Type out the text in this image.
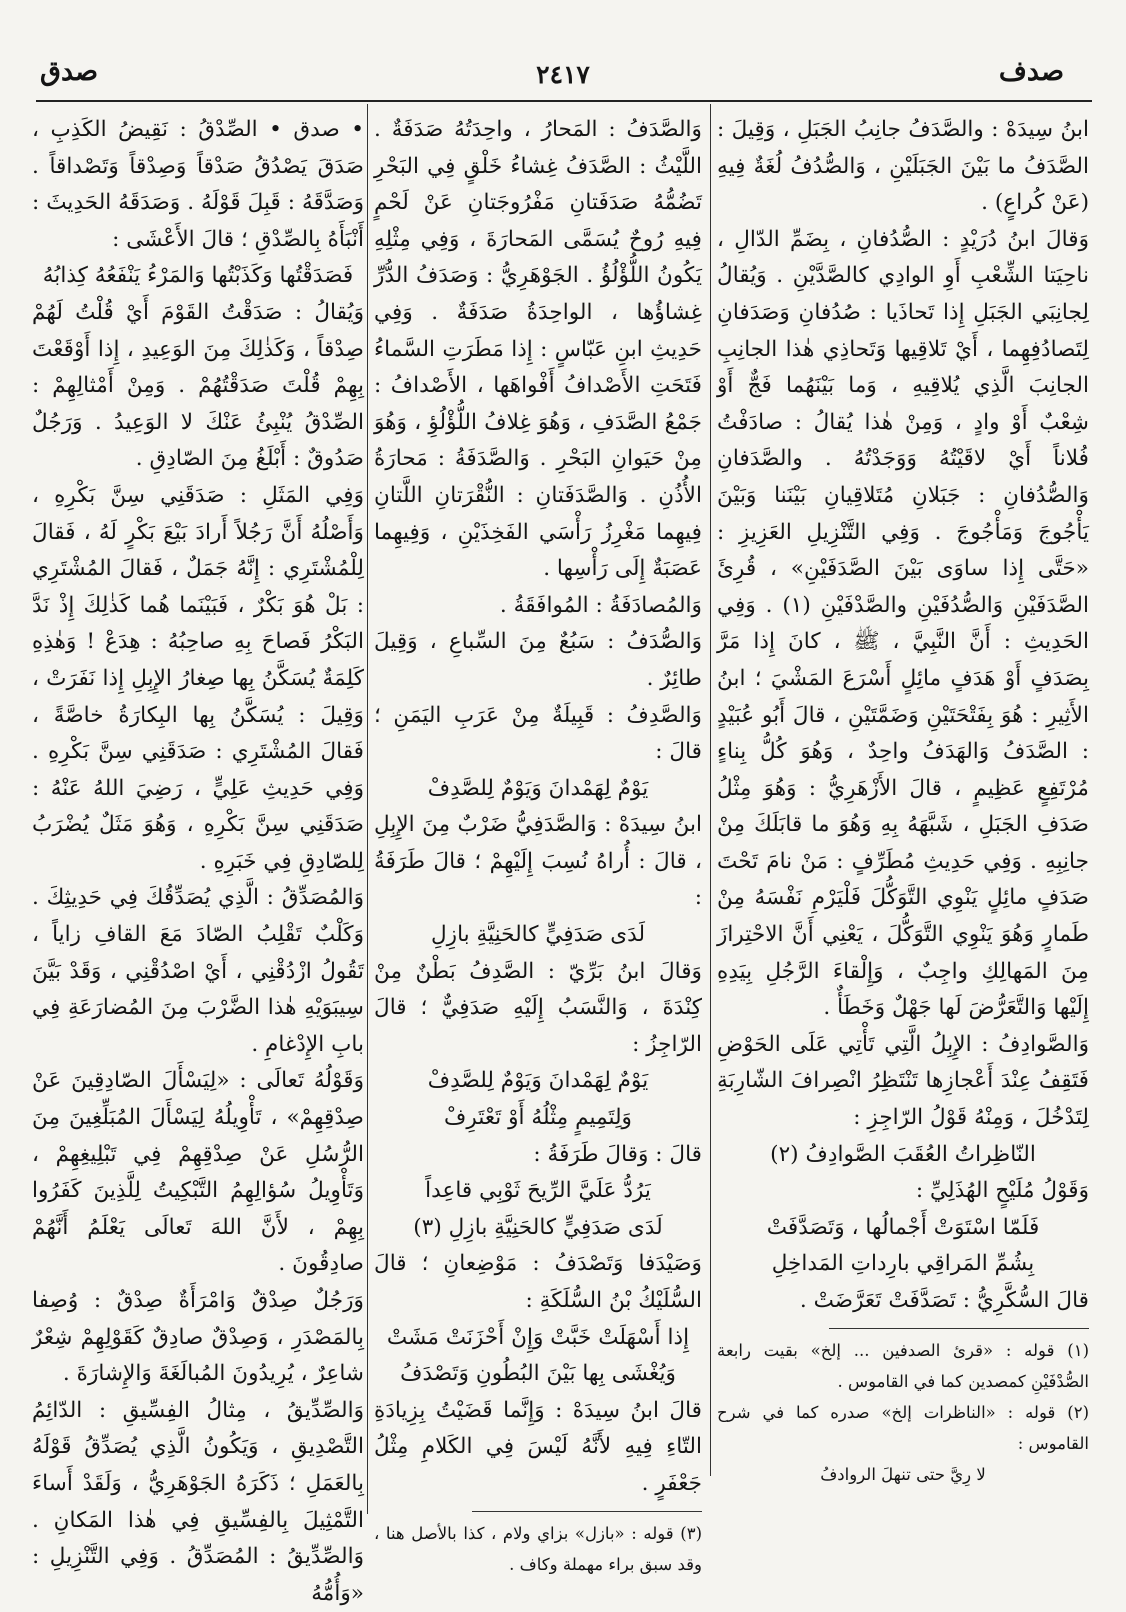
صدف
٢٤١٧
صدق

ابنُ سِيدَهْ : والصَّدَفُ جانِبُ الجَبَلِ ، وَقِيلَ : الصَّدَفُ ما بَيْنَ الجَبَلَيْنِ ، وَالصُّدُفُ لُغَةٌ فِيهِ (عَنْ كُراعٍ) .

وَقالَ ابنُ دُرَيْدٍ : الصُّدُفانِ ، بِضَمِّ الدّالِ ، ناحِيَتا الشِّعْبِ أَوِ الوادِي كالصَّدَّيْنِ . وَيُقالُ لِجانِبَي الجَبَلِ إِذا تَحاذَيا : صُدُفانِ وَصَدَفانِ لِتَصادُفِهِما ، أَيْ تَلاقِيها وَتَحاذِي هٰذا الجانِبِ الجانِبَ الَّذِي يُلاقِيهِ ، وَما بَيْنَهُما فَجٌّ أَوْ شِعْبٌ أَوْ وادٍ ، وَمِنْ هٰذا يُقالُ : صادَفْتُ فُلاناً أَيْ لاقَيْتُهُ وَوَجَدْتُهُ . والصَّدَفانِ وَالصُّدُفانِ : جَبَلانِ مُتَلاقِيانِ بَيْنَنا وَبَيْنَ يَأْجُوجَ وَمَأْجُوجَ . وَفِي التَّنْزِيلِ العَزِيزِ : «حَتَّى إِذا ساوَى بَيْنَ الصَّدَفَيْنِ» ، قُرِئَ الصَّدَفَيْنِ وَالصُّدُفَيْنِ والصَّدْفَيْنِ (١) . وَفِي الحَدِيثِ : أَنَّ النَّبِيَّ ، ﷺ ، كانَ إِذا مَرَّ بِصَدَفٍ أَوْ هَدَفٍ مائِلٍ أَسْرَعَ المَشْيَ ؛ ابنُ الأَثِيرِ : هُوَ بِفَتْحَتَيْنِ وَضَمَّتَيْنِ ، قالَ أَبُو عُبَيْدٍ : الصَّدَفُ وَالهَدَفُ واحِدٌ ، وَهُوَ كُلُّ بِناءٍ مُرْتَفِعٍ عَظِيمٍ ، قالَ الأَزْهَرِيُّ : وَهُوَ مِثْلُ صَدَفِ الجَبَلِ ، شَبَّهَهُ بِهِ وَهُوَ ما قابَلَكَ مِنْ جانِبِهِ . وَفِي حَدِيثِ مُطَرِّفٍ : مَنْ نامَ تَحْتَ صَدَفٍ مائِلٍ يَنْوِي التَّوَكُّلَ فَلْيَرْمِ نَفْسَهُ مِنْ طَمارٍ وَهُوَ يَنْوِي التَّوَكُّلَ ، يَعْنِي أَنَّ الاحْتِرازَ مِنَ المَهالِكِ واجِبٌ ، وَإِلْقاءَ الرَّجُلِ بِيَدِهِ إِلَيْها وَالتَّعَرُّضَ لَها جَهْلٌ وَخَطَأٌ .

وَالصَّوادِفُ : الإِبِلُ الَّتِي تَأْتِي عَلَى الحَوْضِ فَتَقِفُ عِنْدَ أَعْجازِها تَنْتَظِرُ انْصِرافَ الشّارِبَةِ لِتَدْخُلَ ، وَمِنْهُ قَوْلُ الرّاجِزِ :

النّاظِراتُ العُقَبَ الصَّوادِفُ (٢)

وَقَوْلُ مُلَيْحٍ الهُذَلِيِّ :

فَلَمّا اسْتَوَتْ أَجْمالُها ، وَتَصَدَّفَتْ

بِشُمِّ المَراقِي بارِداتِ المَداخِلِ

قالَ السُّكَّرِيُّ : تَصَدَّفَتْ تَعَرَّضَتْ .

(١) قوله : «قرئ الصدفين ... إلخ» بقيت رابعة الصُّدْفَيْنِ كمصدين كما في القاموس .

(٢) قوله : «الناظرات إلخ» صدره كما في شرح القاموس :

لا رِيَّ حتى تنهلَ الروادفُ

وَالصَّدَفُ : المَحارُ ، واحِدَتُهُ صَدَفَةٌ . اللَّيْثُ : الصَّدَفُ غِشاءُ خَلْقٍ فِي البَحْرِ تَضُمُّهُ صَدَفَتانِ مَفْرُوجَتانِ عَنْ لَحْمٍ فِيهِ رُوحٌ يُسَمَّى المَحارَةَ ، وَفِي مِثْلِهِ يَكُونُ اللُّؤْلُؤُ . الجَوْهَرِيُّ : وَصَدَفُ الدُّرِّ غِشاؤُها ، الواحِدَةُ صَدَفَةٌ . وَفِي حَدِيثِ ابنِ عَبّاسٍ : إِذا مَطَرَتِ السَّماءُ فَتَحَتِ الأَصْدافُ أَفْواهَها ، الأَصْدافُ : جَمْعُ الصَّدَفِ ، وَهُوَ غِلافُ اللُّؤْلُؤِ ، وَهُوَ مِنْ حَيَوانِ البَحْرِ . وَالصَّدَفَةُ : مَحارَةُ الأُذُنِ . وَالصَّدَفَتانِ : النُّقْرَتانِ اللَّتانِ فِيهِما مَغْرِزُ رَأْسَي الفَخِذَيْنِ ، وَفِيهِما عَصَبَةٌ إِلَى رَأْسِها .

وَالمُصادَفَةُ : المُوافَقَةُ .

وَالصُّدَفُ : سَبُعٌ مِنَ السِّباعِ ، وَقِيلَ طائِرٌ .

وَالصَّدِفُ : قَبِيلَةٌ مِنْ عَرَبِ اليَمَنِ ؛ قالَ :

يَوْمٌ لِهَمْدانَ وَيَوْمٌ لِلصَّدِفْ

ابنُ سِيدَهْ : وَالصَّدَفِيُّ ضَرْبٌ مِنَ الإِبِلِ ، قالَ : أُراهُ نُسِبَ إِلَيْهِمْ ؛ قالَ طَرَفَةُ :

لَدَى صَدَفِيٍّ كالحَنِيَّةِ بازِلِ

وَقالَ ابنُ بَرِّيّ : الصَّدِفُ بَطْنٌ مِنْ كِنْدَةَ ، وَالنَّسَبُ إِلَيْهِ صَدَفِيٌّ ؛ قالَ الرّاجِزُ :

يَوْمٌ لِهَمْدانَ وَيَوْمٌ لِلصَّدِفْ

وَلِتَمِيمٍ مِثْلُهُ أَوْ تَعْتَرِفْ

قالَ : وَقالَ طَرَفَةُ :

يَرُدُّ عَلَيَّ الرِّيحَ ثَوْبِي قاعِداً

لَدَى صَدَفِيٍّ كالحَنِيَّةِ بازِلِ (٣)

وَصَيْدَفا وَتَصْدَفُ : مَوْضِعانِ ؛ قالَ السُّلَيْكُ بْنُ السُّلَكَةِ :

إِذا أَسْهَلَتْ خَبَّتْ وَإِنْ أَحْزَنَتْ مَشَتْ

وَيُغْشَى بِها بَيْنَ البُطُونِ وَتَصْدَفُ

قالَ ابنُ سِيدَهْ : وَإِنَّما قَضَيْتُ بِزِيادَةِ التّاءِ فِيهِ لأَنَّهُ لَيْسَ فِي الكَلامِ مِثْلُ جَعْفَرٍ .

(٣) قوله : «بازل» بزاي ولام ، كذا بالأصل هنا ، وقد سبق براء مهملة وكاف .

• صدق • الصِّدْقُ : نَقِيضُ الكَذِبِ ، صَدَقَ يَصْدُقُ صَدْقاً وَصِدْقاً وَتَصْداقاً . وَصَدَّقَهُ : قَبِلَ قَوْلَهُ . وَصَدَقَهُ الحَدِيثَ : أَنْبَأَهُ بِالصِّدْقِ ؛ قالَ الأَعْشَى :

فَصَدَقْتُها وَكَذَبْتُها وَالمَرْءُ يَنْفَعُهُ كِذابُهُ

وَيُقالُ : صَدَقْتُ القَوْمَ أَيْ قُلْتُ لَهُمْ صِدْقاً ، وَكَذٰلِكَ مِنَ الوَعِيدِ ، إِذا أَوْقَعْتَ بِهِمْ قُلْتَ صَدَقْتُهُمْ . وَمِنْ أَمْثالِهِمْ : الصِّدْقُ يُنْبِئُ عَنْكَ لا الوَعِيدُ . وَرَجُلٌ صَدُوقٌ : أَبْلَغُ مِنَ الصّادِقِ .

وَفِي المَثَلِ : صَدَقَنِي سِنَّ بَكْرِهِ ، وَأَصْلُهُ أَنَّ رَجُلاً أَرادَ بَيْعَ بَكْرٍ لَهُ ، فَقالَ لِلْمُشْتَرِي : إِنَّهُ جَمَلٌ ، فَقالَ المُشْتَرِي : بَلْ هُوَ بَكْرٌ ، فَبَيْنَما هُما كَذٰلِكَ إِذْ نَدَّ البَكْرُ فَصاحَ بِهِ صاحِبُهُ : هِدَعْ ! وَهٰذِهِ كَلِمَةٌ يُسَكَّنُ بِها صِغارُ الإِبِلِ إِذا نَفَرَتْ ، وَقِيلَ : يُسَكَّنُ بِها البِكارَةُ خاصَّةً ، فَقالَ المُشْتَرِي : صَدَقَنِي سِنَّ بَكْرِهِ . وَفِي حَدِيثِ عَلِيٍّ ، رَضِيَ اللهُ عَنْهُ : صَدَقَنِي سِنَّ بَكْرِهِ ، وَهُوَ مَثَلٌ يُضْرَبُ لِلصّادِقِ فِي خَبَرِهِ .

وَالمُصَدِّقُ : الَّذِي يُصَدِّقُكَ فِي حَدِيثِكَ . وَكَلْبٌ تَقْلِبُ الصّادَ مَعَ القافِ زاياً ، تَقُولُ ازْدُقْنِي ، أَيْ اصْدُقْنِي ، وَقَدْ بَيَّنَ سِيبَوَيْهِ هٰذا الضَّرْبَ مِنَ المُضارَعَةِ فِي بابِ الإِدْغامِ .

وَقَوْلُهُ تَعالَى : «لِيَسْأَلَ الصّادِقِينَ عَنْ صِدْقِهِمْ» ، تَأْوِيلُهُ لِيَسْأَلَ المُبَلِّغِينَ مِنَ الرُّسُلِ عَنْ صِدْقِهِمْ فِي تَبْلِيغِهِمْ ، وَتَأْوِيلُ سُؤالِهِمُ التَّبْكِيتُ لِلَّذِينَ كَفَرُوا بِهِمْ ، لأَنَّ اللهَ تَعالَى يَعْلَمُ أَنَّهُمْ صادِقُونَ .

وَرَجُلٌ صِدْقٌ وَامْرَأَةٌ صِدْقٌ : وُصِفا بِالمَصْدَرِ ، وَصِدْقٌ صادِقٌ كَقَوْلِهِمْ شِعْرٌ شاعِرٌ ، يُرِيدُونَ المُبالَغَةَ وَالإِشارَةَ .

وَالصِّدِّيقُ ، مِثالُ الفِسِّيقِ : الدّائِمُ التَّصْدِيقِ ، وَيَكُونُ الَّذِي يُصَدِّقُ قَوْلَهُ بِالعَمَلِ ؛ ذَكَرَهُ الجَوْهَرِيُّ ، وَلَقَدْ أَساءَ التَّمْثِيلَ بِالفِسِّيقِ فِي هٰذا المَكانِ . وَالصِّدِّيقُ : المُصَدِّقُ . وَفِي التَّنْزِيلِ : «وَأُمُّهُ
